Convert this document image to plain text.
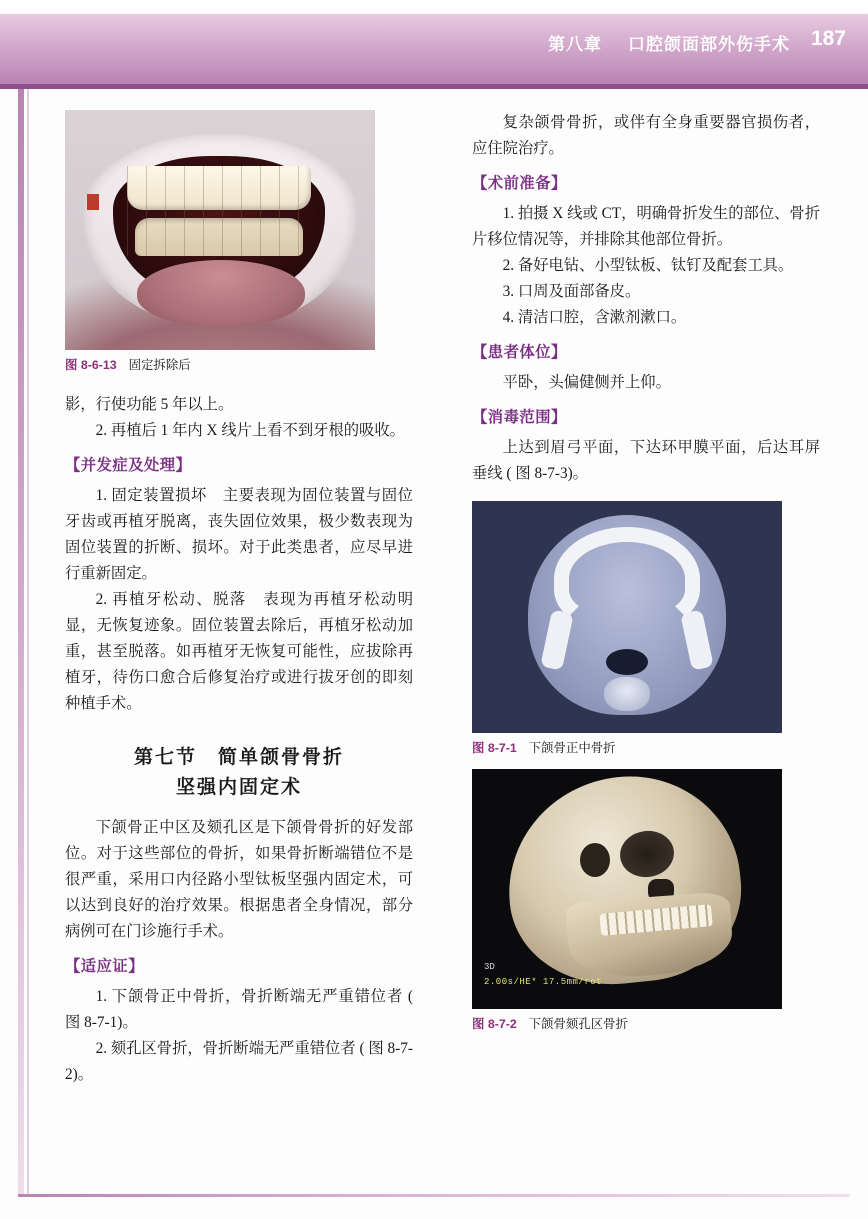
第八章 口腔颌面部外伤手术 187
图 8-6-13 固定拆除后

影，行使功能 5 年以上。

2. 再植后 1 年内 X 线片上看不到牙根的吸收。

【并发症及处理】

1. 固定装置损坏　主要表现为固位装置与固位牙齿或再植牙脱离，丧失固位效果，极少数表现为固位装置的折断、损坏。对于此类患者，应尽早进行重新固定。

2. 再植牙松动、脱落　表现为再植牙松动明显，无恢复迹象。固位装置去除后，再植牙松动加重，甚至脱落。如再植牙无恢复可能性，应拔除再植牙，待伤口愈合后修复治疗或进行拔牙创的即刻种植手术。

第七节　简单颌骨骨折
坚强内固定术

下颌骨正中区及颏孔区是下颌骨骨折的好发部位。对于这些部位的骨折，如果骨折断端错位不是很严重，采用口内径路小型钛板坚强内固定术，可以达到良好的治疗效果。根据患者全身情况，部分病例可在门诊施行手术。

【适应证】

1. 下颌骨正中骨折，骨折断端无严重错位者 ( 图 8-7-1)。

2. 颏孔区骨折，骨折断端无严重错位者 ( 图 8-7-2)。

复杂颌骨骨折，或伴有全身重要器官损伤者，应住院治疗。

【术前准备】

1. 拍摄 X 线或 CT，明确骨折发生的部位、骨折片移位情况等，并排除其他部位骨折。

2. 备好电钻、小型钛板、钛钉及配套工具。

3. 口周及面部备皮。

4. 清洁口腔，含漱剂漱口。

【患者体位】

平卧，头偏健侧并上仰。

【消毒范围】

上达到眉弓平面，下达环甲膜平面，后达耳屏垂线 ( 图 8-7-3)。

图 8-7-1 下颌骨正中骨折
3D
2.00s/HE* 17.5mm/rot
图 8-7-2 下颌骨颏孔区骨折
